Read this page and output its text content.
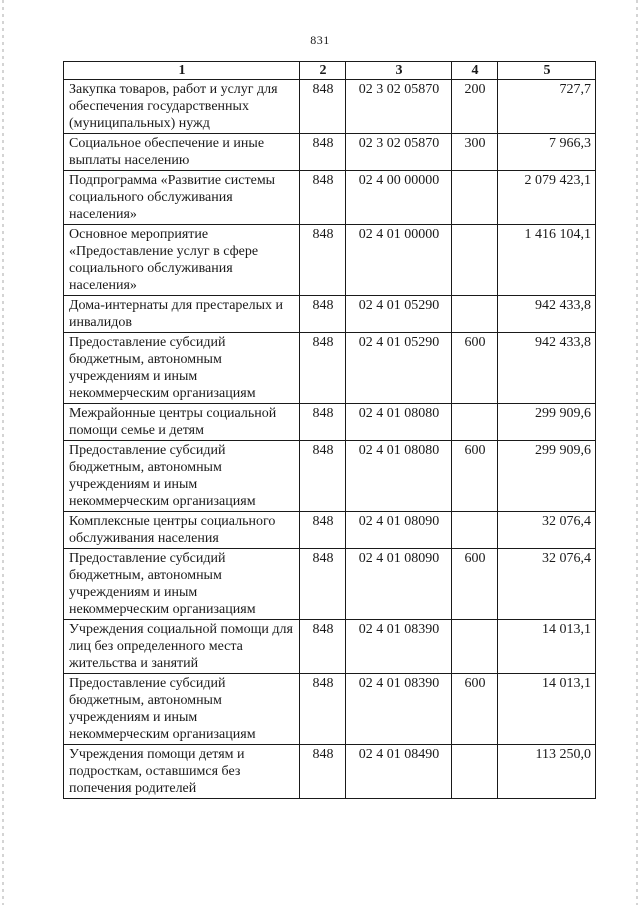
831
1	2	3	4	5
Закупка товаров, работ и услуг для обеспечения государственных (муниципальных) нужд	848	02 3 02 05870	200	727,7
Социальное обеспечение и иные выплаты населению	848	02 3 02 05870	300	7 966,3
Подпрограмма «Развитие системы социального обслуживания населения»	848	02 4 00 00000		2 079 423,1
Основное мероприятие «Предоставление услуг в сфере социального обслуживания населения»	848	02 4 01 00000		1 416 104,1
Дома-интернаты для престарелых и инвалидов	848	02 4 01 05290		942 433,8
Предоставление субсидий бюджетным, автономным учреждениям и иным некоммерческим организациям	848	02 4 01 05290	600	942 433,8
Межрайонные центры социальной помощи семье и детям	848	02 4 01 08080		299 909,6
Предоставление субсидий бюджетным, автономным учреждениям и иным некоммерческим организациям	848	02 4 01 08080	600	299 909,6
Комплексные центры социального обслуживания населения	848	02 4 01 08090		32 076,4
Предоставление субсидий бюджетным, автономным учреждениям и иным некоммерческим организациям	848	02 4 01 08090	600	32 076,4
Учреждения социальной помощи для лиц без определенного места жительства и занятий	848	02 4 01 08390		14 013,1
Предоставление субсидий бюджетным, автономным учреждениям и иным некоммерческим организациям	848	02 4 01 08390	600	14 013,1
Учреждения помощи детям и подросткам, оставшимся без попечения родителей	848	02 4 01 08490		113 250,0
